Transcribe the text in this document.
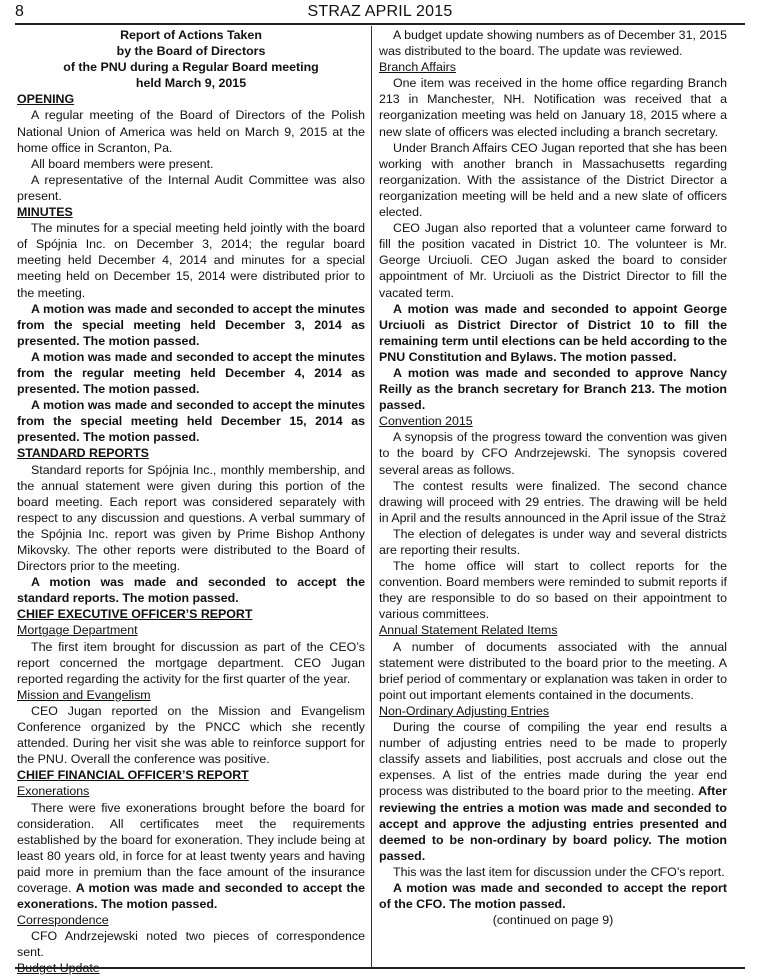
8	STRAZ APRIL 2015
Report of Actions Taken
by the Board of Directors
of the PNU during a Regular Board meeting
held March 9, 2015
OPENING

A regular meeting of the Board of Directors of the Polish National Union of America was held on March 9, 2015 at the home office in Scranton, Pa.

All board members were present.

A representative of the Internal Audit Committee was also present.

MINUTES

The minutes for a special meeting held jointly with the board of Spójnia Inc. on December 3, 2014; the regular board meeting held December 4, 2014 and minutes for a special meeting held on December 15, 2014 were distributed prior to the meeting.

A motion was made and seconded to accept the minutes from the special meeting held December 3, 2014 as presented. The motion passed.

A motion was made and seconded to accept the minutes from the regular meeting held December 4, 2014 as presented. The motion passed.

A motion was made and seconded to accept the minutes from the special meeting held December 15, 2014 as presented. The motion passed.

STANDARD REPORTS

Standard reports for Spójnia Inc., monthly membership, and the annual statement were given during this portion of the board meeting. Each report was considered separately with respect to any discussion and questions. A verbal summary of the Spójnia Inc. report was given by Prime Bishop Anthony Mikovsky. The other reports were distributed to the Board of Directors prior to the meeting.

A motion was made and seconded to accept the standard reports. The motion passed.

CHIEF EXECUTIVE OFFICER’S REPORT
Mortgage Department

The first item brought for discussion as part of the CEO’s report concerned the mortgage department. CEO Jugan reported regarding the activity for the first quarter of the year.

Mission and Evangelism

CEO Jugan reported on the Mission and Evangelism Conference organized by the PNCC which she recently attended. During her visit she was able to reinforce support for the PNU. Overall the conference was positive.

CHIEF FINANCIAL OFFICER’S REPORT
Exonerations

There were five exonerations brought before the board for consideration. All certificates meet the requirements established by the board for exoneration. They include being at least 80 years old, in force for at least twenty years and having paid more in premium than the face amount of the insurance coverage. A motion was made and seconded to accept the exonerations. The motion passed.

Correspondence

CFO Andrzejewski noted two pieces of correspondence sent.

Budget Update

A budget update showing numbers as of December 31, 2015 was distributed to the board. The update was reviewed.

Branch Affairs

One item was received in the home office regarding Branch 213 in Manchester, NH. Notification was received that a reorganization meeting was held on January 18, 2015 where a new slate of officers was elected including a branch secretary.

Under Branch Affairs CEO Jugan reported that she has been working with another branch in Massachusetts regarding reorganization. With the assistance of the District Director a reorganization meeting will be held and a new slate of officers elected.

CEO Jugan also reported that a volunteer came forward to fill the position vacated in District 10. The volunteer is Mr. George Urciuoli. CEO Jugan asked the board to consider appointment of Mr. Urciuoli as the District Director to fill the vacated term.

A motion was made and seconded to appoint George Urciuoli as District Director of District 10 to fill the remaining term until elections can be held according to the PNU Constitution and Bylaws. The motion passed.

A motion was made and seconded to approve Nancy Reilly as the branch secretary for Branch 213. The motion passed.

Convention 2015

A synopsis of the progress toward the convention was given to the board by CFO Andrzejewski. The synopsis covered several areas as follows.

The contest results were finalized. The second chance drawing will proceed with 29 entries. The drawing will be held in April and the results announced in the April issue of the Straż

The election of delegates is under way and several districts are reporting their results.

The home office will start to collect reports for the convention. Board members were reminded to submit reports if they are responsible to do so based on their appointment to various committees.

Annual Statement Related Items

A number of documents associated with the annual statement were distributed to the board prior to the meeting. A brief period of commentary or explanation was taken in order to point out important elements contained in the documents.

Non-Ordinary Adjusting Entries

During the course of compiling the year end results a number of adjusting entries need to be made to properly classify assets and liabilities, post accruals and close out the expenses. A list of the entries made during the year end process was distributed to the board prior to the meeting. After reviewing the entries a motion was made and seconded to accept and approve the adjusting entries presented and deemed to be non-ordinary by board policy. The motion passed.

This was the last item for discussion under the CFO’s report.

A motion was made and seconded to accept the report of the CFO. The motion passed.

(continued on page 9)
